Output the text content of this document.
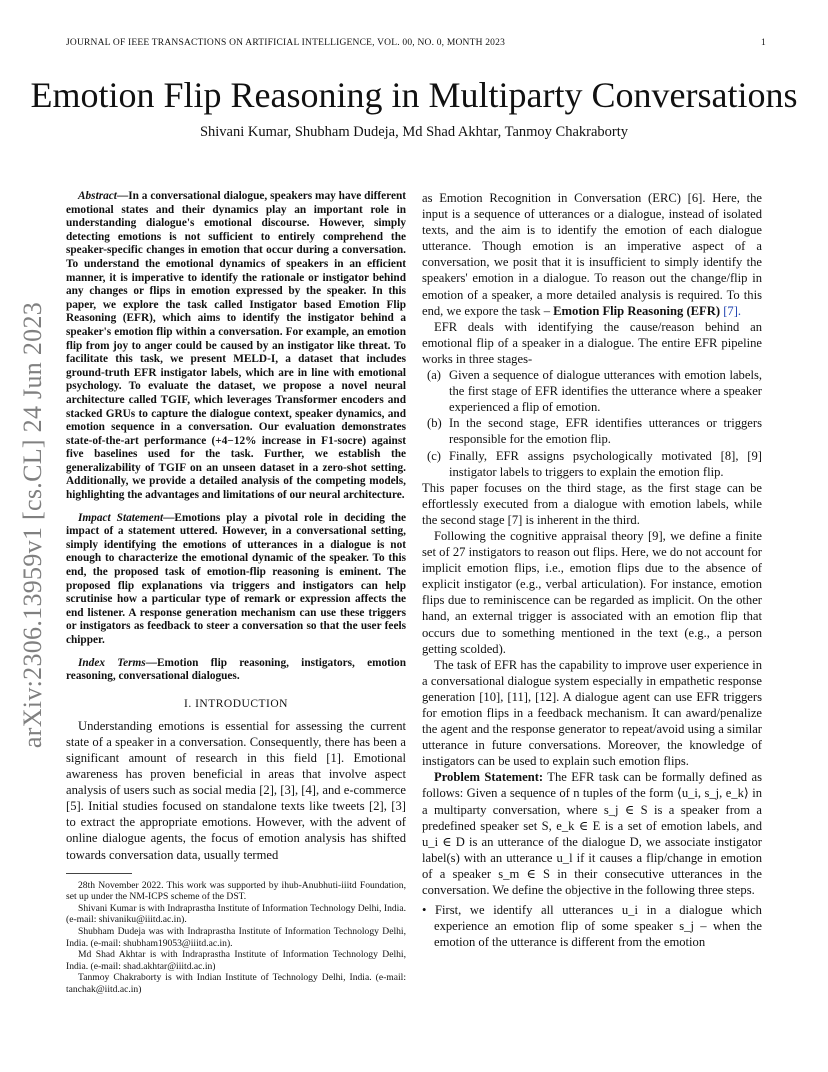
JOURNAL OF IEEE TRANSACTIONS ON ARTIFICIAL INTELLIGENCE, VOL. 00, NO. 0, MONTH 2023	1
Emotion Flip Reasoning in Multiparty Conversations
Shivani Kumar, Shubham Dudeja, Md Shad Akhtar, Tanmoy Chakraborty
arXiv:2306.13959v1 [cs.CL] 24 Jun 2023

Abstract—In a conversational dialogue, speakers may have different emotional states and their dynamics play an important role in understanding dialogue's emotional discourse. However, simply detecting emotions is not sufficient to entirely comprehend the speaker-specific changes in emotion that occur during a conversation. To understand the emotional dynamics of speakers in an efficient manner, it is imperative to identify the rationale or instigator behind any changes or flips in emotion expressed by the speaker. In this paper, we explore the task called Instigator based Emotion Flip Reasoning (EFR), which aims to identify the instigator behind a speaker's emotion flip within a conversation. For example, an emotion flip from joy to anger could be caused by an instigator like threat. To facilitate this task, we present MELD-I, a dataset that includes ground-truth EFR instigator labels, which are in line with emotional psychology. To evaluate the dataset, we propose a novel neural architecture called TGIF, which leverages Transformer encoders and stacked GRUs to capture the dialogue context, speaker dynamics, and emotion sequence in a conversation. Our evaluation demonstrates state-of-the-art performance (+4−12% increase in F1-socre) against five baselines used for the task. Further, we establish the generalizability of TGIF on an unseen dataset in a zero-shot setting. Additionally, we provide a detailed analysis of the competing models, highlighting the advantages and limitations of our neural architecture.

Impact Statement—Emotions play a pivotal role in deciding the impact of a statement uttered. However, in a conversational setting, simply identifying the emotions of utterances in a dialogue is not enough to characterize the emotional dynamic of the speaker. To this end, the proposed task of emotion-flip reasoning is eminent. The proposed flip explanations via triggers and instigators can help scrutinise how a particular type of remark or expression affects the end listener. A response generation mechanism can use these triggers or instigators as feedback to steer a conversation so that the user feels chipper.

Index Terms—Emotion flip reasoning, instigators, emotion reasoning, conversational dialogues.

I. INTRODUCTION

Understanding emotions is essential for assessing the current state of a speaker in a conversation. Consequently, there has been a significant amount of research in this field [1]. Emotional awareness has proven beneficial in areas that involve aspect analysis of users such as social media [2], [3], [4], and e-commerce [5]. Initial studies focused on standalone texts like tweets [2], [3] to extract the appropriate emotions. However, with the advent of online dialogue agents, the focus of emotion analysis has shifted towards conversation data, usually termed

28th November 2022. This work was supported by ihub-Anubhuti-iiitd Foundation, set up under the NM-ICPS scheme of the DST.

Shivani Kumar is with Indraprastha Institute of Information Technology Delhi, India. (e-mail: shivaniku@iiitd.ac.in).

Shubham Dudeja was with Indraprastha Institute of Information Technology Delhi, India. (e-mail: shubham19053@iiitd.ac.in).

Md Shad Akhtar is with Indraprastha Institute of Information Technology Delhi, India. (e-mail: shad.akhtar@iiitd.ac.in)

Tanmoy Chakraborty is with Indian Institute of Technology Delhi, India. (e-mail: tanchak@iitd.ac.in)

as Emotion Recognition in Conversation (ERC) [6]. Here, the input is a sequence of utterances or a dialogue, instead of isolated texts, and the aim is to identify the emotion of each dialogue utterance. Though emotion is an imperative aspect of a conversation, we posit that it is insufficient to simply identify the speakers' emotion in a dialogue. To reason out the change/flip in emotion of a speaker, a more detailed analysis is required. To this end, we expore the task – Emotion Flip Reasoning (EFR) [7].

EFR deals with identifying the cause/reason behind an emotional flip of a speaker in a dialogue. The entire EFR pipeline works in three stages-

(a) Given a sequence of dialogue utterances with emotion labels, the first stage of EFR identifies the utterance where a speaker experienced a flip of emotion.

(b) In the second stage, EFR identifies utterances or triggers responsible for the emotion flip.

(c) Finally, EFR assigns psychologically motivated [8], [9] instigator labels to triggers to explain the emotion flip.

This paper focuses on the third stage, as the first stage can be effortlessly executed from a dialogue with emotion labels, while the second stage [7] is inherent in the third.

Following the cognitive appraisal theory [9], we define a finite set of 27 instigators to reason out flips. Here, we do not account for implicit emotion flips, i.e., emotion flips due to the absence of explicit instigator (e.g., verbal articulation). For instance, emotion flips due to reminiscence can be regarded as implicit. On the other hand, an external trigger is associated with an emotion flip that occurs due to something mentioned in the text (e.g., a person getting scolded).

The task of EFR has the capability to improve user experience in a conversational dialogue system especially in empathetic response generation [10], [11], [12]. A dialogue agent can use EFR triggers for emotion flips in a feedback mechanism. It can award/penalize the agent and the response generator to repeat/avoid using a similar utterance in future conversations. Moreover, the knowledge of instigators can be used to explain such emotion flips.

Problem Statement: The EFR task can be formally defined as follows: Given a sequence of n tuples of the form ⟨u_i, s_j, e_k⟩ in a multiparty conversation, where s_j ∈ S is a speaker from a predefined speaker set S, e_k ∈ E is a set of emotion labels, and u_i ∈ D is an utterance of the dialogue D, we associate instigator label(s) with an utterance u_l if it causes a flip/change in emotion of a speaker s_m ∈ S in their consecutive utterances in the conversation. We define the objective in the following three steps.

• First, we identify all utterances u_i in a dialogue which experience an emotion flip of some speaker s_j – when the emotion of the utterance is different from the emotion
